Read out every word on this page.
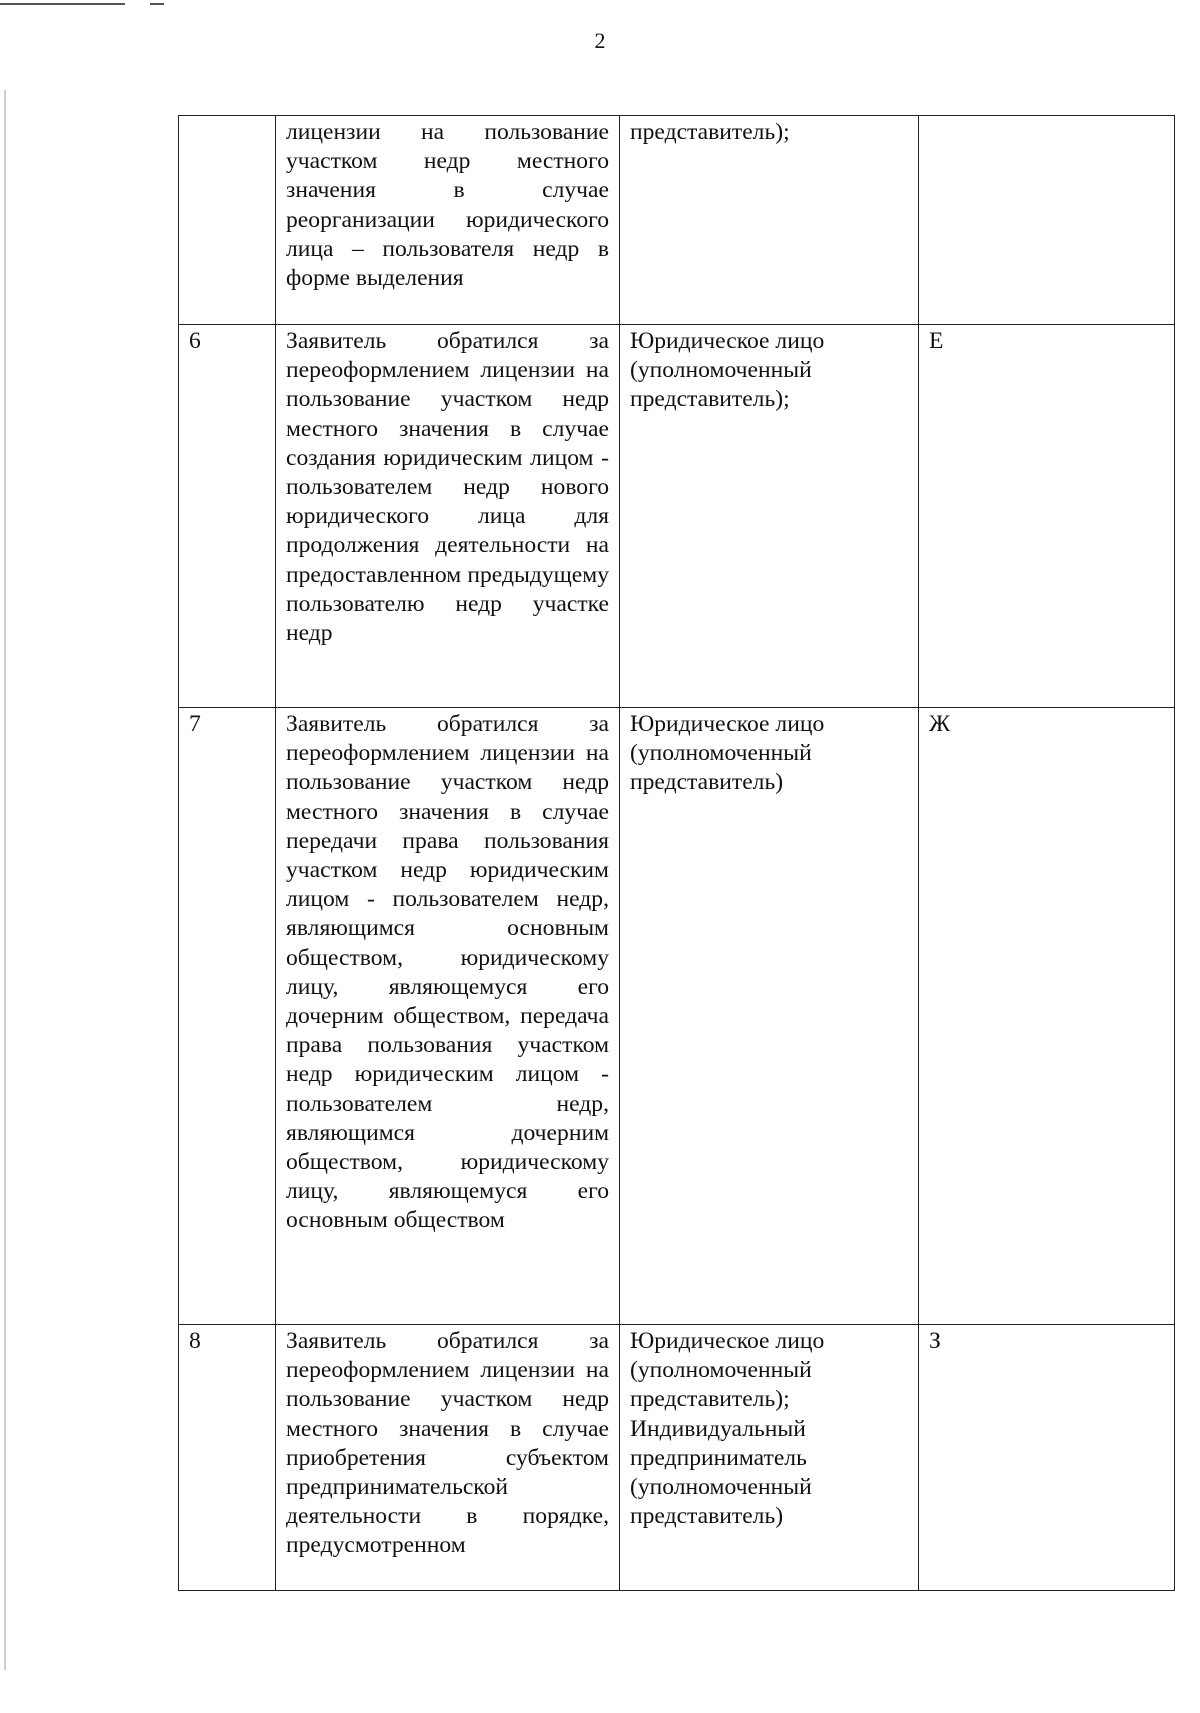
2

	лицензии на пользование участком недр местного значения в случае реорганизации юридического лица – пользователя недр в форме выделения	представитель);	
6	Заявитель обратился за переоформлением лицензии на пользование участком недр местного значения в случае создания юридическим лицом - пользователем недр нового юридического лица для продолжения деятельности на предоставленном предыдущему пользователю недр участке недр	Юридическое лицо (уполномоченный представитель);	Е
7	Заявитель обратился за переоформлением лицензии на пользование участком недр местного значения в случае передачи права пользования участком недр юридическим лицом - пользователем недр, являющимся основным обществом, юридическому лицу, являющемуся его дочерним обществом, передача права пользования участком недр юридическим лицом - пользователем недр, являющимся дочерним обществом, юридическому лицу, являющемуся его основным обществом	Юридическое лицо (уполномоченный представитель)	Ж
8	Заявитель обратился за переоформлением лицензии на пользование участком недр местного значения в случае приобретения субъектом предпринимательской деятельности в порядке, предусмотренном	Юридическое лицо (уполномоченный представитель); Индивидуальный предприниматель (уполномоченный представитель)	З
